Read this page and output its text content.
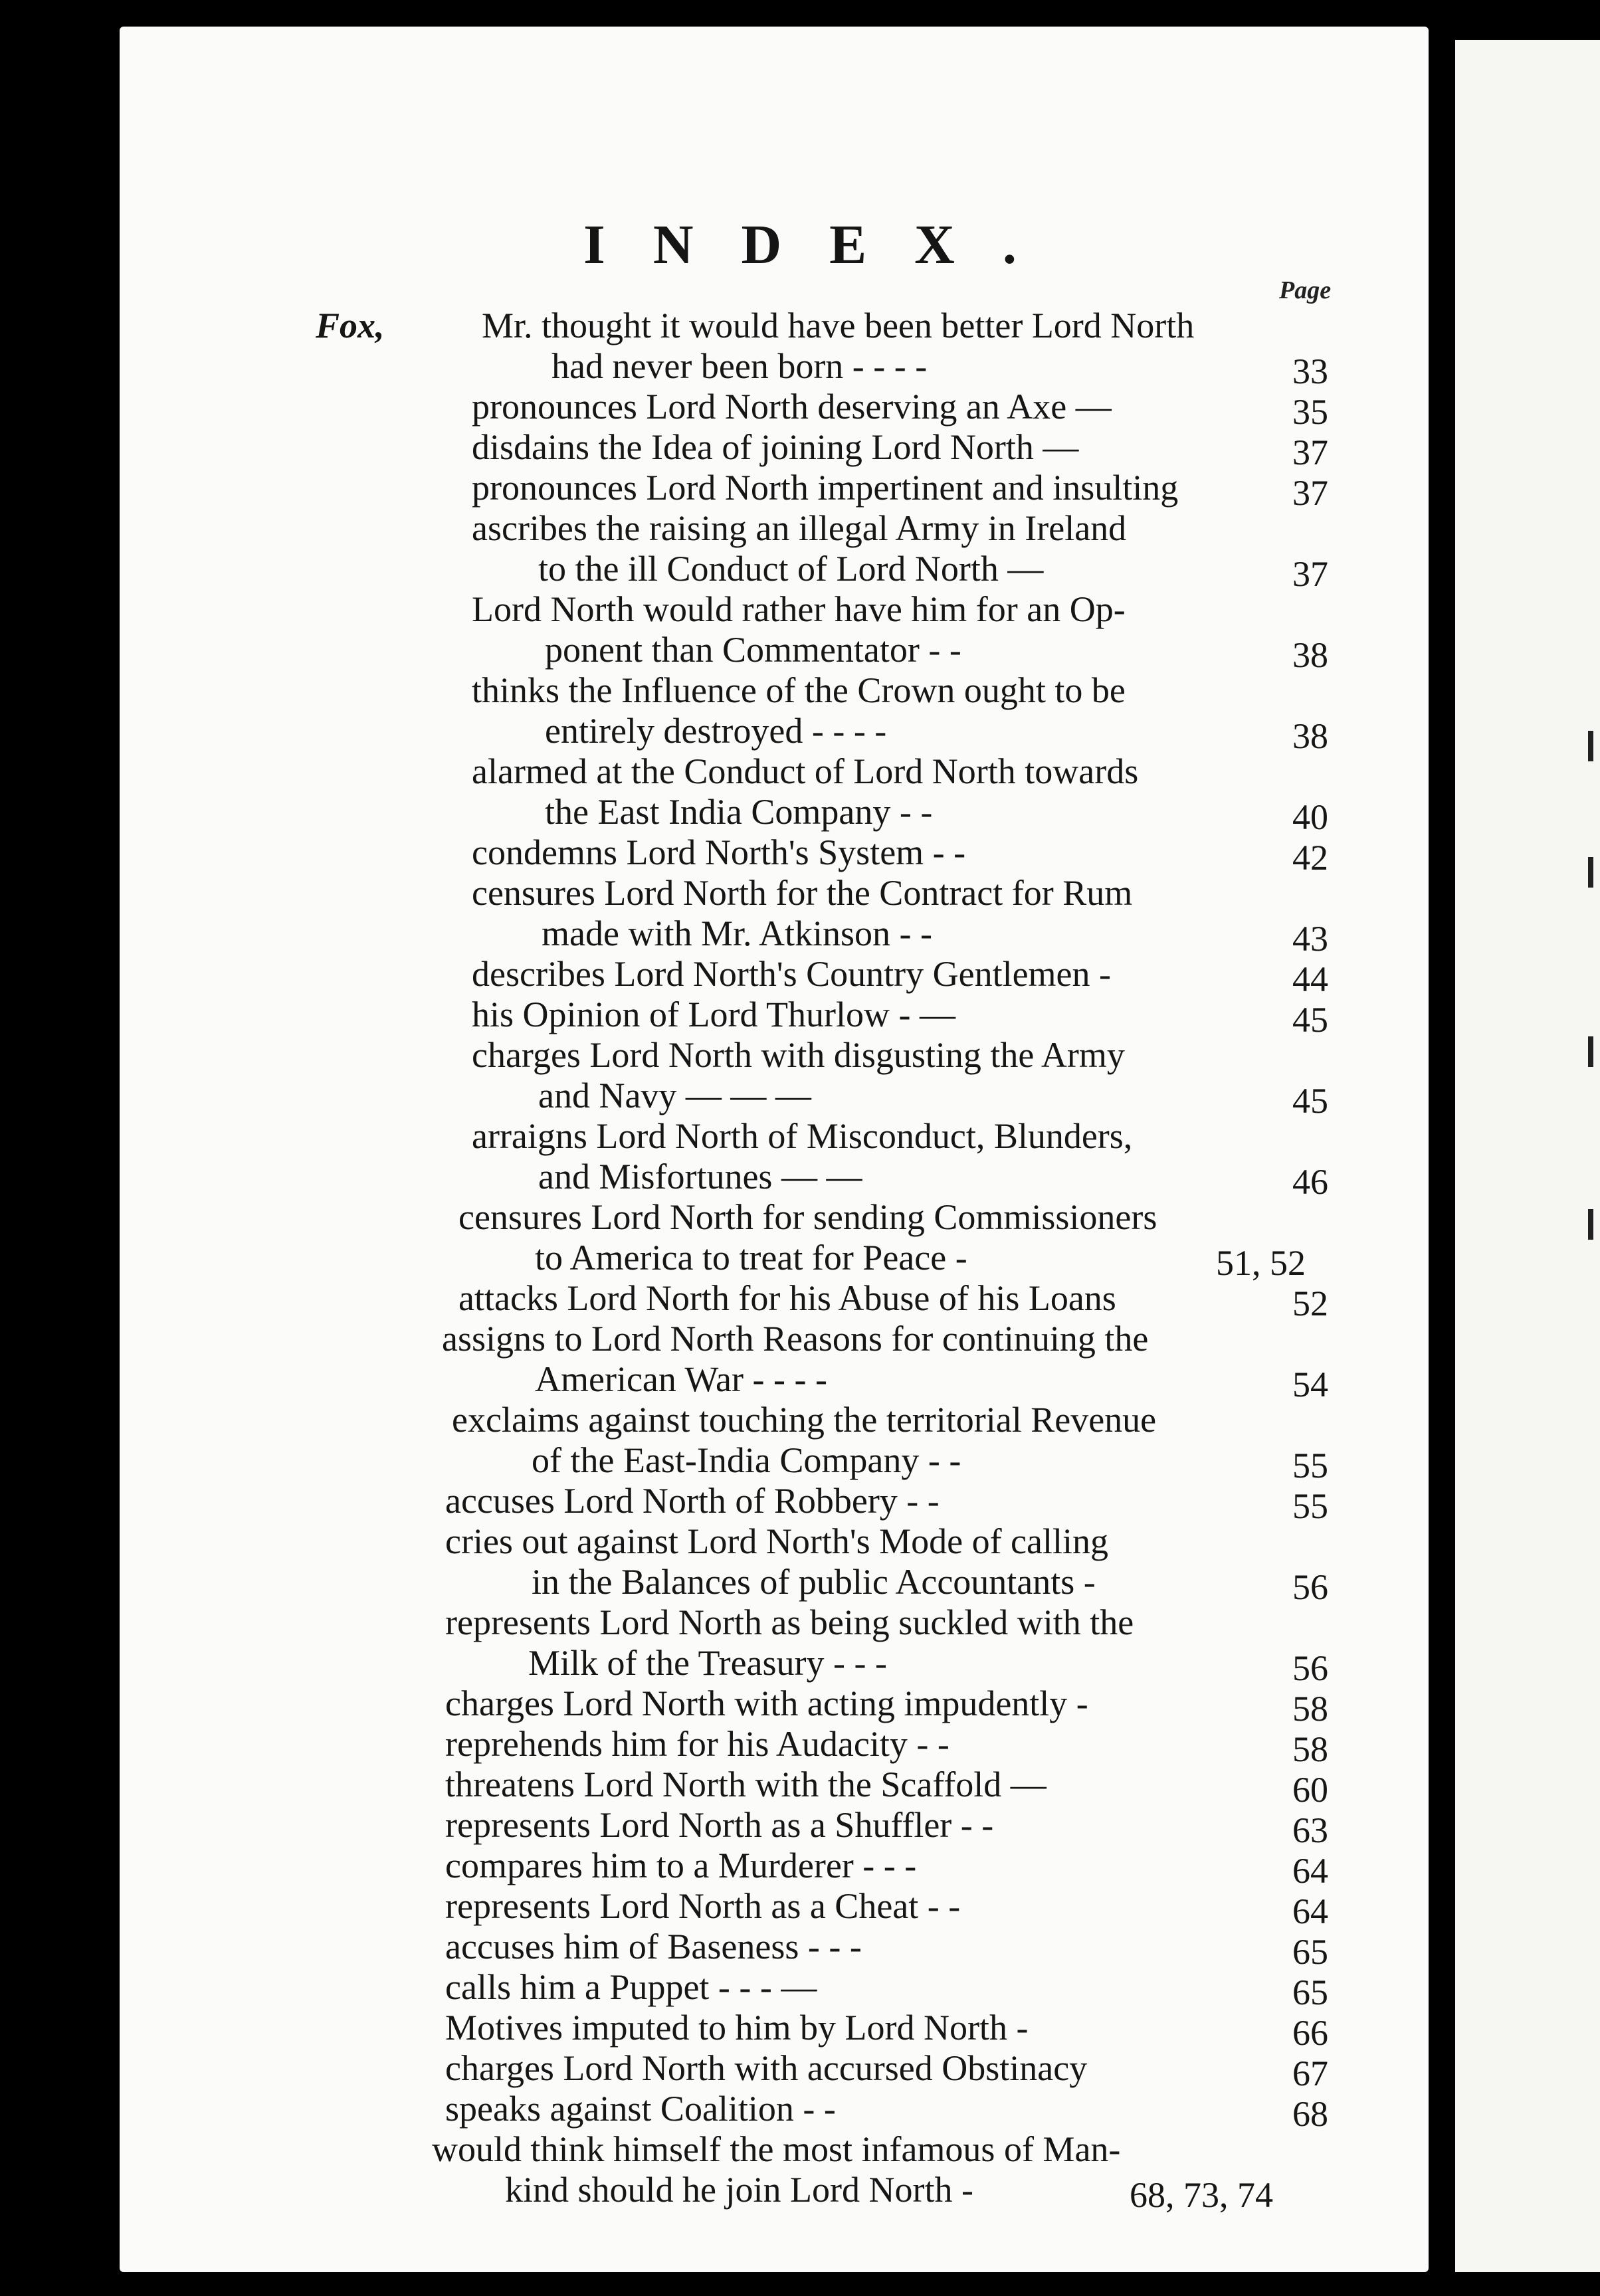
INDEX.
Page
Fox,	Mr. thought it would have been better Lord North
had never been born - - - -	33
pronounces Lord North deserving an Axe —	35
disdains the Idea of joining Lord North —	37
pronounces Lord North impertinent and insulting	37
ascribes the raising an illegal Army in Ireland
to the ill Conduct of Lord North —	37
Lord North would rather have him for an Op-
ponent than Commentator - -	38
thinks the Influence of the Crown ought to be
entirely destroyed - - - -	38
alarmed at the Conduct of Lord North towards
the East India Company - -	40
condemns Lord North's System - -	42
censures Lord North for the Contract for Rum
made with Mr. Atkinson - -	43
describes Lord North's Country Gentlemen -	44
his Opinion of Lord Thurlow - —	45
charges Lord North with disgusting the Army
and Navy — — —	45
arraigns Lord North of Misconduct, Blunders,
and Misfortunes — —	46
censures Lord North for sending Commissioners
to America to treat for Peace -	51, 52
attacks Lord North for his Abuse of his Loans	52
assigns to Lord North Reasons for continuing the
American War - - - -	54
exclaims against touching the territorial Revenue
of the East-India Company - -	55
accuses Lord North of Robbery - -	55
cries out against Lord North's Mode of calling
in the Balances of public Accountants -	56
represents Lord North as being suckled with the
Milk of the Treasury - - -	56
charges Lord North with acting impudently -	58
reprehends him for his Audacity - -	58
threatens Lord North with the Scaffold —	60
represents Lord North as a Shuffler - -	63
compares him to a Murderer - - -	64
represents Lord North as a Cheat - -	64
accuses him of Baseness - - -	65
calls him a Puppet - - - —	65
Motives imputed to him by Lord North -	66
charges Lord North with accursed Obstinacy	67
speaks against Coalition - -	68
would think himself the most infamous of Man-
kind should he join Lord North -	68, 73, 74
